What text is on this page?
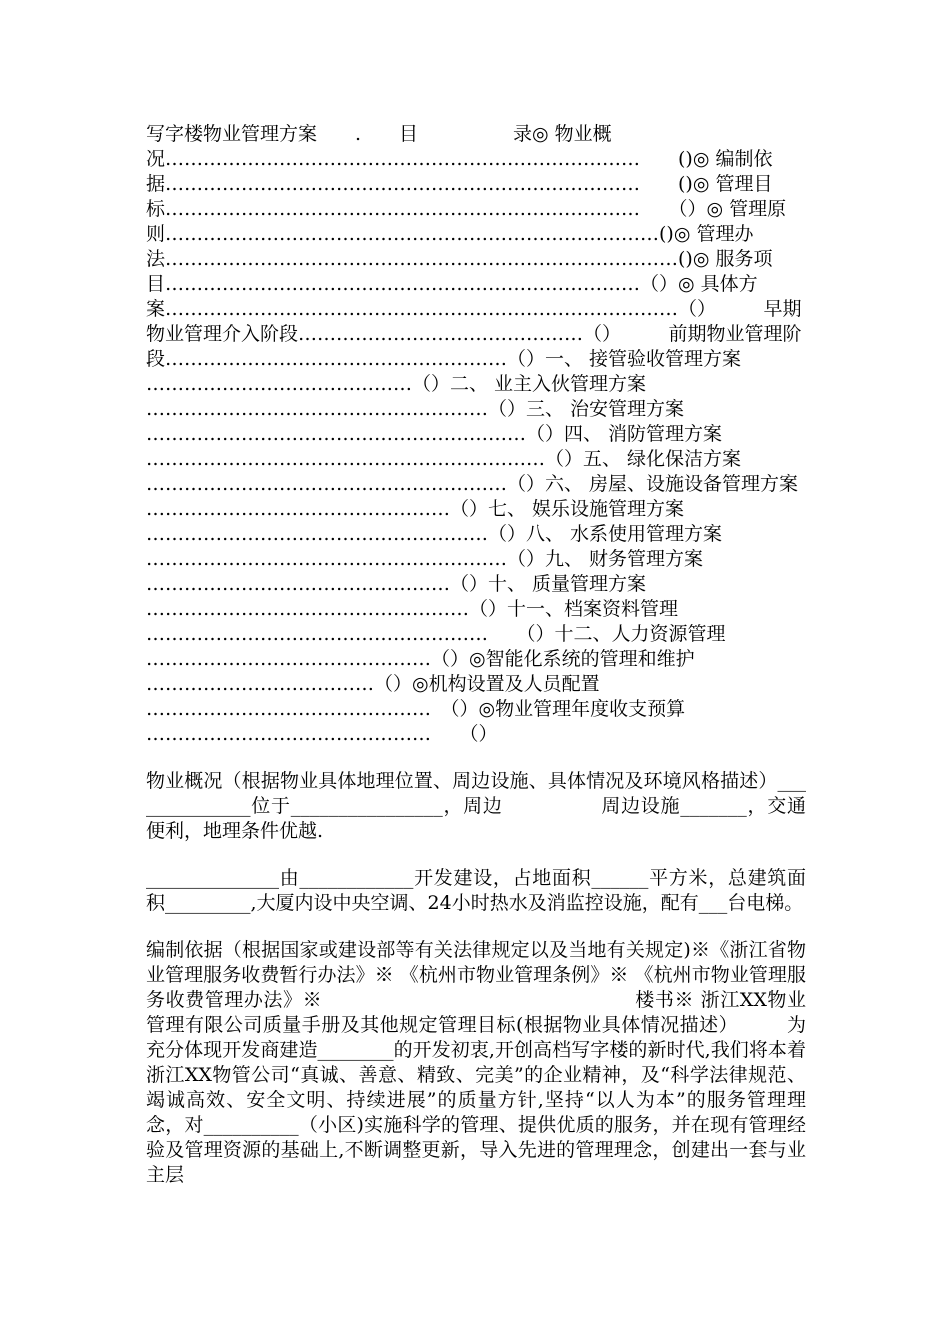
写字楼物业管理方案　　.　　目　　　　　录◎ 物业概况…………………………………………………………………　　()◎ 编制依据…………………………………………………………………　　()◎ 管理目标…………………………………………………………………　　（）◎ 管理原则……………………………………………………………………()◎ 管理办法………………………………………………………………………()◎ 服务项目…………………………………………………………………（）◎ 具体方案………………………………………………………………………（）　　　早期物业管理介入阶段………………………………………（）　　　前期物业管理阶段………………………………………………（）一、 接管验收管理方案 ……………………………………（）二、 业主入伙管理方案 ………………………………………………（）三、 治安管理方案 ……………………………………………………（）四、 消防管理方案 ………………………………………………………（）五、 绿化保洁方案 …………………………………………………（）六、 房屋、设施设备管理方案 …………………………………………（）七、 娱乐设施管理方案 ………………………………………………（）八、 水系使用管理方案 …………………………………………………（）九、 财务管理方案 …………………………………………（）十、 质量管理方案 ……………………………………………（）十一、档案资料管理 ………………………………………………　　（）十二、人力资源管理　　　………………………………………（）◎智能化系统的管理和维护　　　………………………………（）◎机构设置及人员配置　　　………………………………………　（）◎物业管理年度收支预算 ………………………………………　　（）

物业概况（根据物业具体地理位置、周边设施、具体情况及环境风格描述）______________位于________________，周边　　　　　周边设施_______，交通便利，地理条件优越.

______________由____________开发建设，占地面积______平方米，总建筑面积_________,大厦内设中央空调、24小时热水及消监控设施，配有___台电梯。

编制依据（根据国家或建设部等有关法律规定以及当地有关规定)※《浙江省物业管理服务收费暂行办法》※ 《杭州市物业管理条例》※ 《杭州市物业管理服务收费管理办法》※　　　　　　　　　　　　　　　　楼书※ 浙江XX物业管理有限公司质量手册及其他规定管理目标(根据物业具体情况描述）　　　为充分体现开发商建造________的开发初衷,开创高档写字楼的新时代,我们将本着浙江XX物管公司“真诚、善意、精致、完美”的企业精神，及“科学法律规范、竭诚高效、安全文明、持续进展”的质量方针,坚持“以人为本”的服务管理理念，对__________（小区)实施科学的管理、提供优质的服务，并在现有管理经验及管理资源的基础上,不断调整更新，导入先进的管理理念，创建出一套与业主层
